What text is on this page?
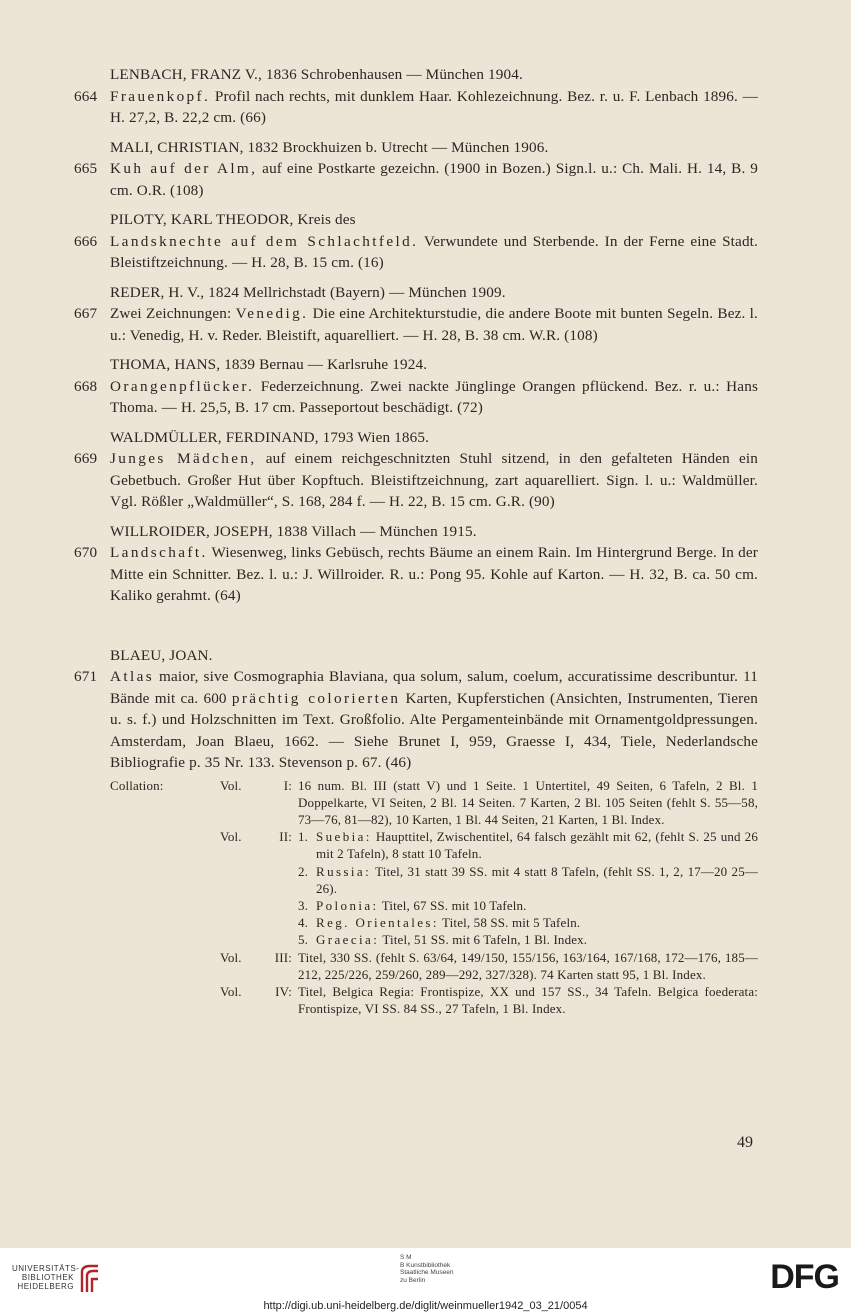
LENBACH, FRANZ V., 1836 Schrobenhausen — München 1904.
664 Frauenkopf. Profil nach rechts, mit dunklem Haar. Kohlezeichnung. Bez. r. u. F. Lenbach 1896. — H. 27,2, B. 22,2 cm. (66)
MALI, CHRISTIAN, 1832 Brockhuizen b. Utrecht — München 1906.
665 Kuh auf der Alm, auf eine Postkarte gezeichn. (1900 in Bozen.) Sign.l. u.: Ch. Mali. H. 14, B. 9 cm. O.R. (108)
PILOTY, KARL THEODOR, Kreis des
666 Landsknechte auf dem Schlachtfeld. Verwundete und Sterbende. In der Ferne eine Stadt. Bleistiftzeichnung. — H. 28, B. 15 cm. (16)
REDER, H. V., 1824 Mellrichstadt (Bayern) — München 1909.
667 Zwei Zeichnungen: Venedig. Die eine Architekturstudie, die andere Boote mit bunten Segeln. Bez. l. u.: Venedig, H. v. Reder. Bleistift, aquarelliert. — H. 28, B. 38 cm. W.R. (108)
THOMA, HANS, 1839 Bernau — Karlsruhe 1924.
668 Orangenpflücker. Federzeichnung. Zwei nackte Jünglinge Orangen pflückend. Bez. r. u.: Hans Thoma. — H. 25,5, B. 17 cm. Passeportout beschädigt. (72)
WALDMÜLLER, FERDINAND, 1793 Wien 1865.
669 Junges Mädchen, auf einem reichgeschnitzten Stuhl sitzend, in den gefalteten Händen ein Gebetbuch. Großer Hut über Kopftuch. Bleistiftzeichnung, zart aquarelliert. Sign. l. u.: Waldmüller. Vgl. Rößler „Waldmüller“, S. 168, 284 f. — H. 22, B. 15 cm. G.R. (90)
WILLROIDER, JOSEPH, 1838 Villach — München 1915.
670 Landschaft. Wiesenweg, links Gebüsch, rechts Bäume an einem Rain. Im Hintergrund Berge. In der Mitte ein Schnitter. Bez. l. u.: J. Willroider. R. u.: Pong 95. Kohle auf Karton. — H. 32, B. ca. 50 cm. Kaliko gerahmt. (64)
BLAEU, JOAN.
671 Atlas maior, sive Cosmographia Blaviana, qua solum, salum, coelum, accuratissime describuntur. 11 Bände mit ca. 600 prächtig colorierten Karten, Kupferstichen (Ansichten, Instrumenten, Tieren u. s. f.) und Holzschnitten im Text. Großfolio. Alte Pergamenteinbände mit Ornamentgoldpressungen. Amsterdam, Joan Blaeu, 1662. — Siehe Brunet I, 959, Graesse I, 434, Tiele, Nederlandsche Bibliografie p. 35 Nr. 133. Stevenson p. 67. (46)
Collation:	Vol.	I: 16 num. Bl. III (statt V) und 1 Seite. 1 Untertitel, 49 Seiten, 6 Tafeln, 2 Bl. 1 Doppelkarte, VI Seiten, 2 Bl. 14 Seiten. 7 Karten, 2 Bl. 105 Seiten (fehlt S. 55—58, 73—76, 81—82), 10 Karten, 1 Bl. 44 Seiten, 21 Karten, 1 Bl. Index.
Vol.	II: 1. Suebia: Haupttitel, Zwischentitel, 64 falsch gezählt mit 62, (fehlt S. 25 und 26 mit 2 Tafeln), 8 statt 10 Tafeln.
2. Russia: Titel, 31 statt 39 SS. mit 4 statt 8 Tafeln, (fehlt SS. 1, 2, 17—20 25—26).
3. Polonia: Titel, 67 SS. mit 10 Tafeln.
4. Reg. Orientales: Titel, 58 SS. mit 5 Tafeln.
5. Graecia: Titel, 51 SS. mit 6 Tafeln, 1 Bl. Index.
Vol.	III: Titel, 330 SS. (fehlt S. 63/64, 149/150, 155/156, 163/164, 167/168, 172—176, 185—212, 225/226, 259/260, 289—292, 327/328). 74 Karten statt 95, 1 Bl. Index.
Vol.	IV: Titel, Belgica Regia: Frontispize, XX und 157 SS., 34 Tafeln. Belgica foederata: Frontispize, VI SS. 84 SS., 27 Tafeln, 1 Bl. Index.
49
UNIVERSITÄTS-
BIBLIOTHEK
HEIDELBERG
S M
B Kunstbibliothek
Staatliche Museen
zu Berlin	DFG
http://digi.ub.uni-heidelberg.de/diglit/weinmueller1942_03_21/0054
